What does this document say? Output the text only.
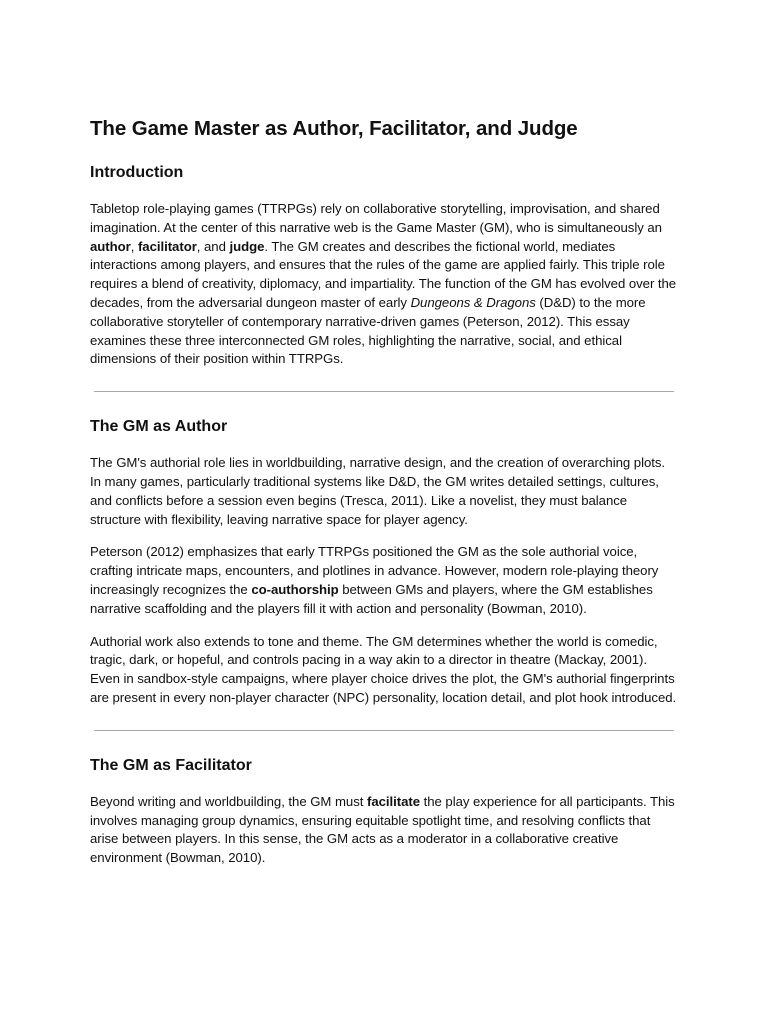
The Game Master as Author, Facilitator, and Judge
Introduction

Tabletop role-playing games (TTRPGs) rely on collaborative storytelling, improvisation, and shared imagination. At the center of this narrative web is the Game Master (GM), who is simultaneously an author, facilitator, and judge. The GM creates and describes the fictional world, mediates interactions among players, and ensures that the rules of the game are applied fairly. This triple role requires a blend of creativity, diplomacy, and impartiality. The function of the GM has evolved over the decades, from the adversarial dungeon master of early Dungeons & Dragons (D&D) to the more collaborative storyteller of contemporary narrative-driven games (Peterson, 2012). This essay examines these three interconnected GM roles, highlighting the narrative, social, and ethical dimensions of their position within TTRPGs.

The GM as Author

The GM's authorial role lies in worldbuilding, narrative design, and the creation of overarching plots. In many games, particularly traditional systems like D&D, the GM writes detailed settings, cultures, and conflicts before a session even begins (Tresca, 2011). Like a novelist, they must balance structure with flexibility, leaving narrative space for player agency.

Peterson (2012) emphasizes that early TTRPGs positioned the GM as the sole authorial voice, crafting intricate maps, encounters, and plotlines in advance. However, modern role-playing theory increasingly recognizes the co-authorship between GMs and players, where the GM establishes narrative scaffolding and the players fill it with action and personality (Bowman, 2010).

Authorial work also extends to tone and theme. The GM determines whether the world is comedic, tragic, dark, or hopeful, and controls pacing in a way akin to a director in theatre (Mackay, 2001). Even in sandbox-style campaigns, where player choice drives the plot, the GM's authorial fingerprints are present in every non-player character (NPC) personality, location detail, and plot hook introduced.

The GM as Facilitator

Beyond writing and worldbuilding, the GM must facilitate the play experience for all participants. This involves managing group dynamics, ensuring equitable spotlight time, and resolving conflicts that arise between players. In this sense, the GM acts as a moderator in a collaborative creative environment (Bowman, 2010).
